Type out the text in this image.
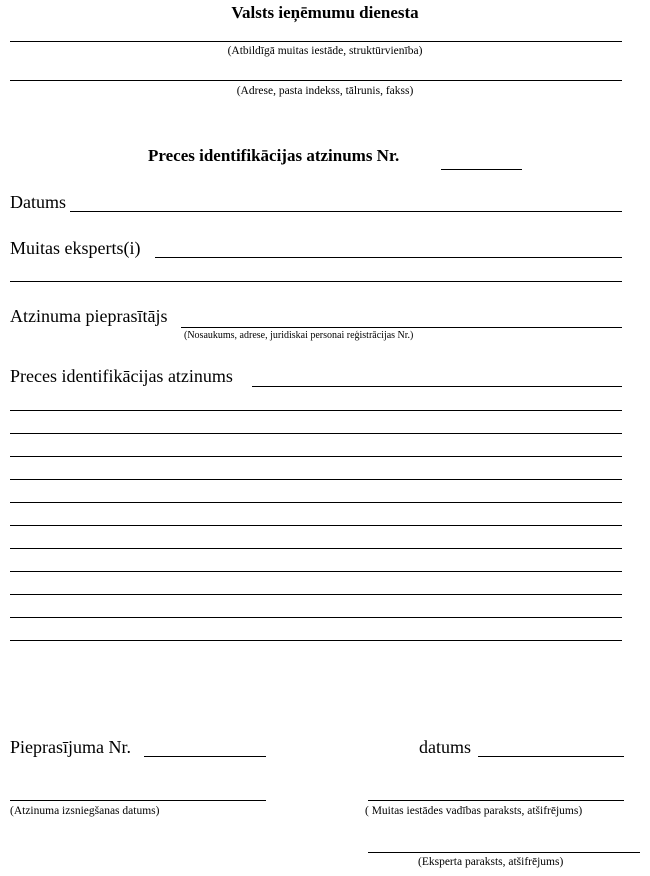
Valsts ieņēmumu dienesta
(Atbildīgā muitas iestāde, struktūrvienība)
(Adrese, pasta indekss, tālrunis, fakss)
Preces identifikācijas atzinums Nr.
Datums
Muitas eksperts(i)
Atzinuma pieprasītājs
(Nosaukums, adrese, juridiskai personai reģistrācijas Nr.)
Preces identifikācijas atzinums
Pieprasījuma Nr.	datums
(Atzinuma izsniegšanas datums)	( Muitas iestādes vadības paraksts, atšifrējums)
(Eksperta paraksts, atšifrējums)
